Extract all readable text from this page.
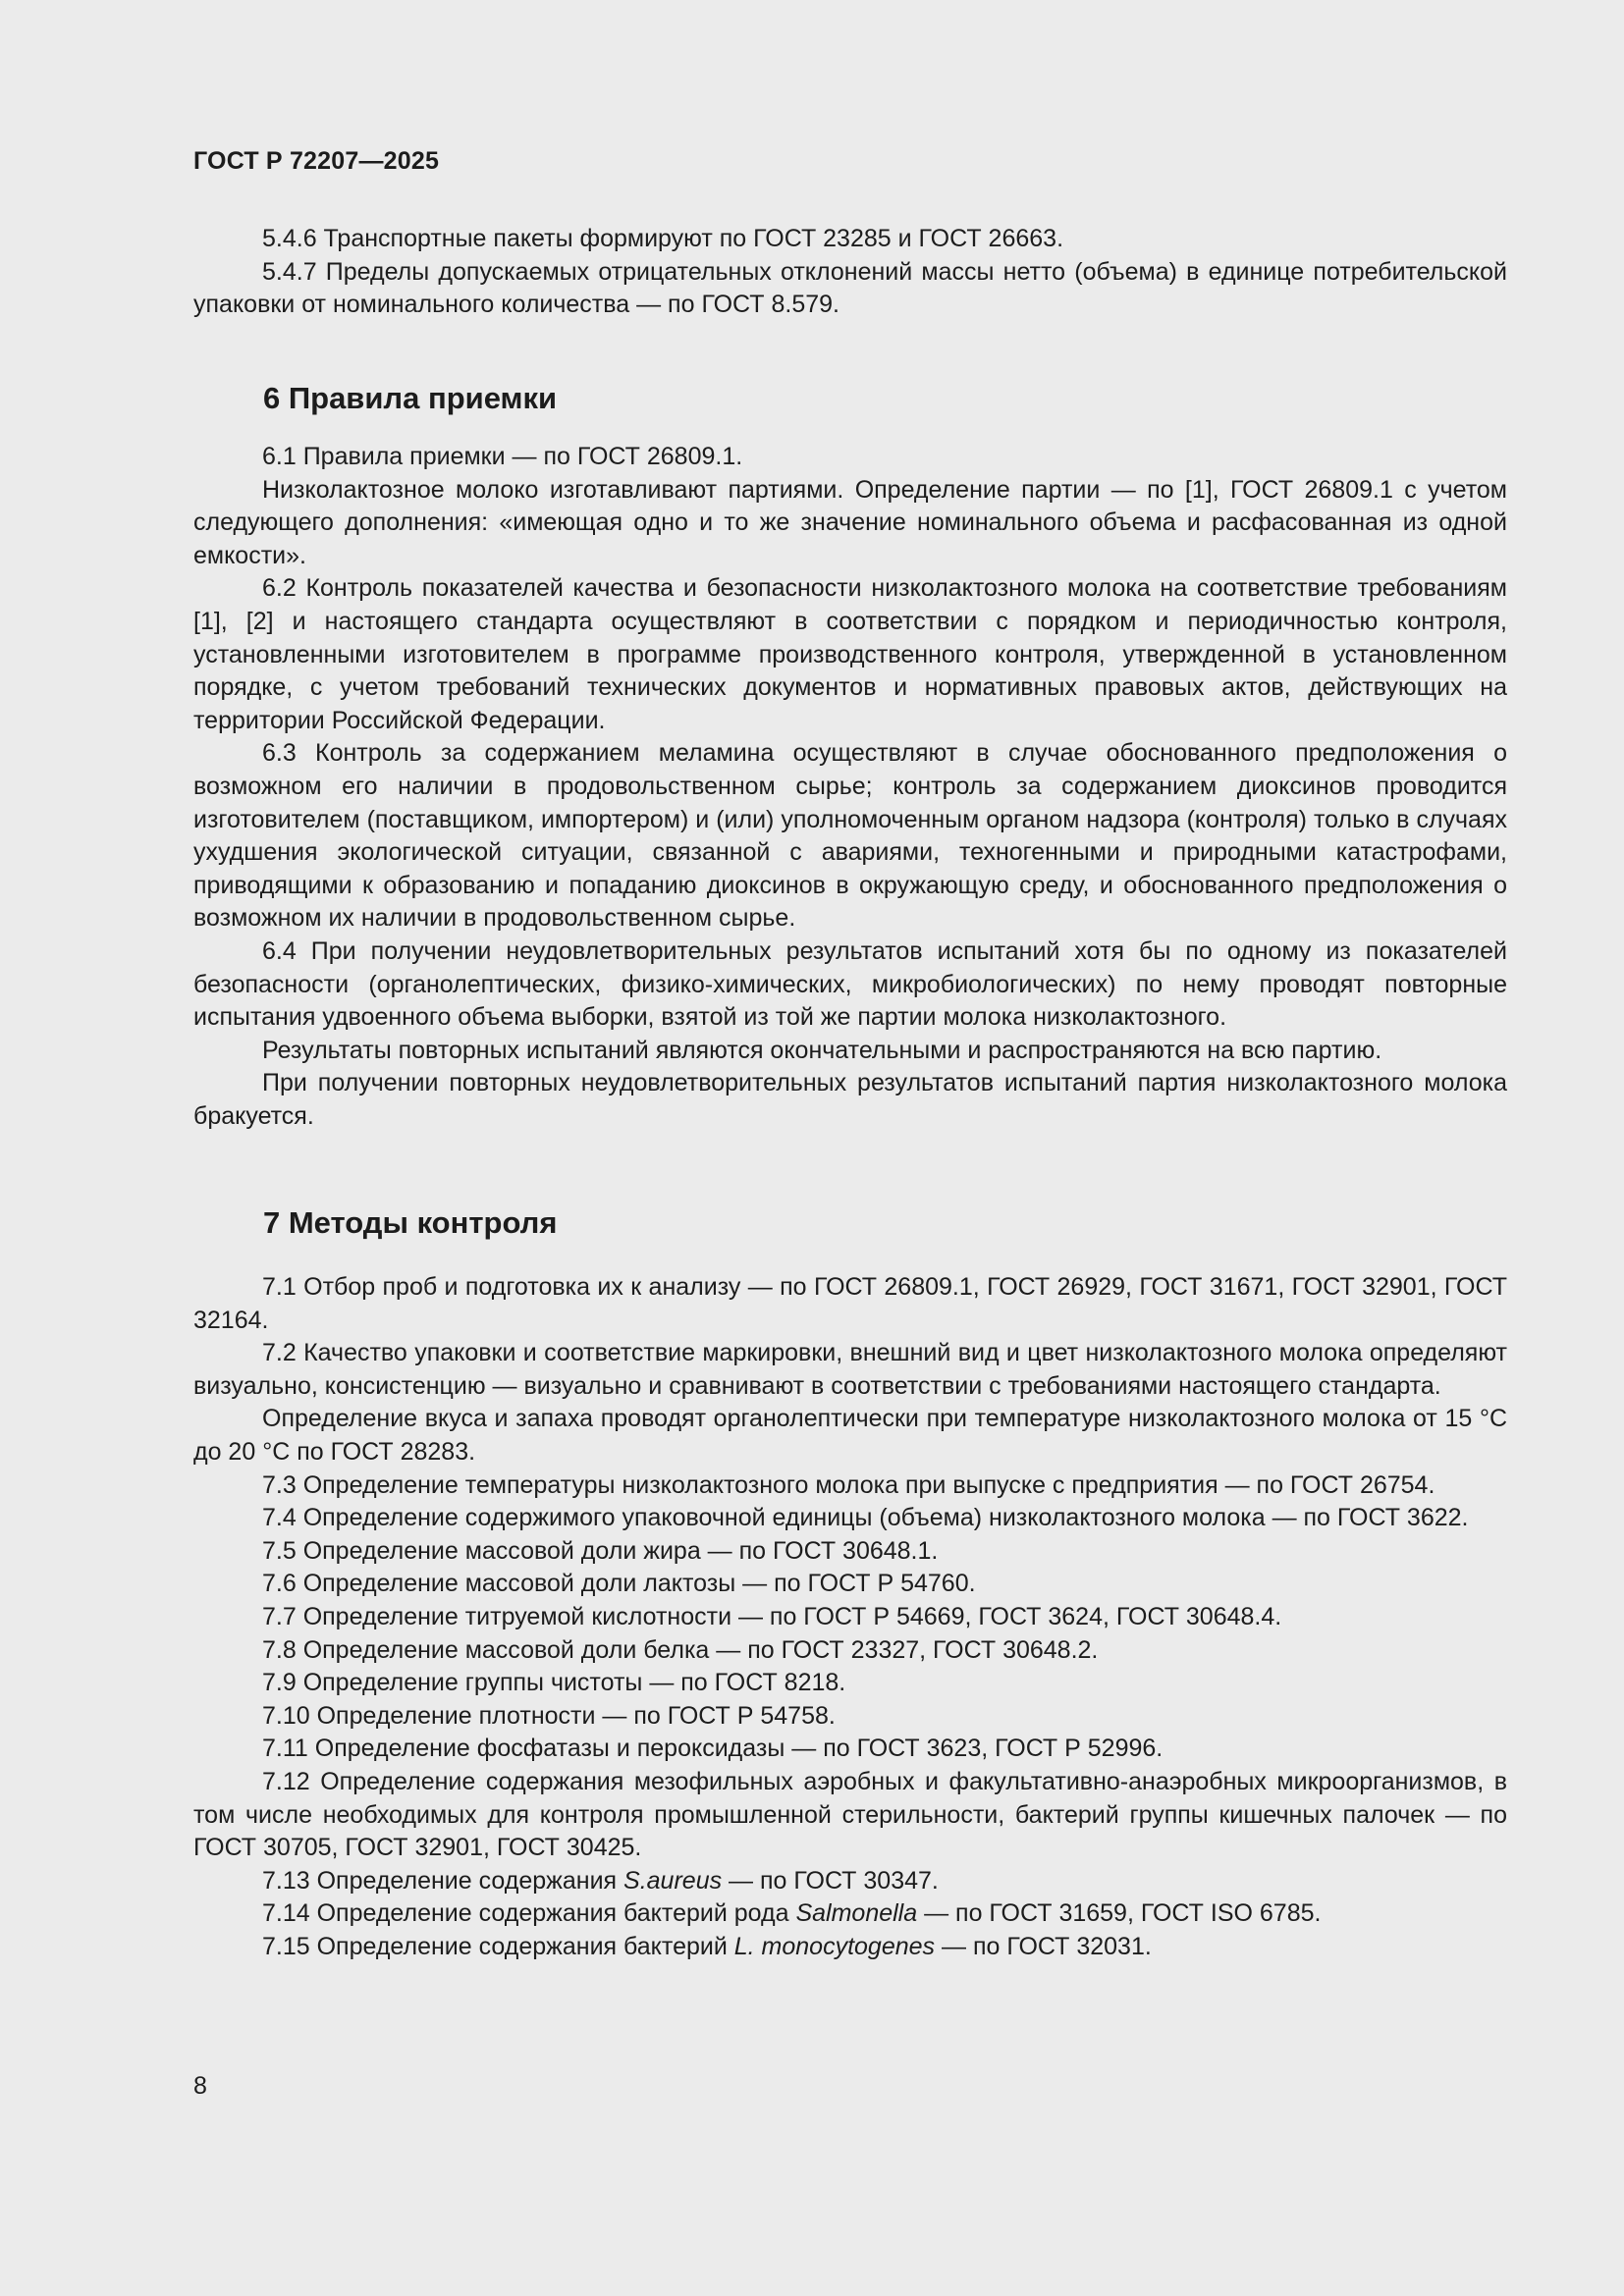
ГОСТ Р 72207—2025

5.4.6 Транспортные пакеты формируют по ГОСТ 23285 и ГОСТ 26663.

5.4.7 Пределы допускаемых отрицательных отклонений массы нетто (объема) в единице потребительской упаковки от номинального количества — по ГОСТ 8.579.

6 Правила приемки

6.1 Правила приемки — по ГОСТ 26809.1.

Низколактозное молоко изготавливают партиями. Определение партии — по [1], ГОСТ 26809.1 с учетом следующего дополнения: «имеющая одно и то же значение номинального объема и расфасованная из одной емкости».

6.2 Контроль показателей качества и безопасности низколактозного молока на соответствие требованиям [1], [2] и настоящего стандарта осуществляют в соответствии с порядком и периодичностью контроля, установленными изготовителем в программе производственного контроля, утвержденной в установленном порядке, с учетом требований технических документов и нормативных правовых актов, действующих на территории Российской Федерации.

6.3 Контроль за содержанием меламина осуществляют в случае обоснованного предположения о возможном его наличии в продовольственном сырье; контроль за содержанием диоксинов проводится изготовителем (поставщиком, импортером) и (или) уполномоченным органом надзора (контроля) только в случаях ухудшения экологической ситуации, связанной с авариями, техногенными и природными катастрофами, приводящими к образованию и попаданию диоксинов в окружающую среду, и обоснованного предположения о возможном их наличии в продовольственном сырье.

6.4 При получении неудовлетворительных результатов испытаний хотя бы по одному из показателей безопасности (органолептических, физико-химических, микробиологических) по нему проводят повторные испытания удвоенного объема выборки, взятой из той же партии молока низколактозного.

Результаты повторных испытаний являются окончательными и распространяются на всю партию.

При получении повторных неудовлетворительных результатов испытаний партия низколактозного молока бракуется.

7 Методы контроля

7.1 Отбор проб и подготовка их к анализу — по ГОСТ 26809.1, ГОСТ 26929, ГОСТ 31671, ГОСТ 32901, ГОСТ 32164.

7.2 Качество упаковки и соответствие маркировки, внешний вид и цвет низколактозного молока определяют визуально, консистенцию — визуально и сравнивают в соответствии с требованиями настоящего стандарта.

Определение вкуса и запаха проводят органолептически при температуре низколактозного молока от 15 °С до 20 °С по ГОСТ 28283.

7.3 Определение температуры низколактозного молока при выпуске с предприятия — по ГОСТ 26754.

7.4 Определение содержимого упаковочной единицы (объема) низколактозного молока — по ГОСТ 3622.

7.5 Определение массовой доли жира — по ГОСТ 30648.1.

7.6 Определение массовой доли лактозы — по ГОСТ Р 54760.

7.7 Определение титруемой кислотности — по ГОСТ Р 54669, ГОСТ 3624, ГОСТ 30648.4.

7.8 Определение массовой доли белка — по ГОСТ 23327, ГОСТ 30648.2.

7.9 Определение группы чистоты — по ГОСТ 8218.

7.10 Определение плотности — по ГОСТ Р 54758.

7.11 Определение фосфатазы и пероксидазы — по ГОСТ 3623, ГОСТ Р 52996.

7.12 Определение содержания мезофильных аэробных и факультативно-анаэробных микроорганизмов, в том числе необходимых для контроля промышленной стерильности, бактерий группы кишечных палочек — по ГОСТ 30705, ГОСТ 32901, ГОСТ 30425.

7.13 Определение содержания S.aureus — по ГОСТ 30347.

7.14 Определение содержания бактерий рода Salmonella — по ГОСТ 31659, ГОСТ ISO 6785.

7.15 Определение содержания бактерий L. monocytogenes — по ГОСТ 32031.

8
